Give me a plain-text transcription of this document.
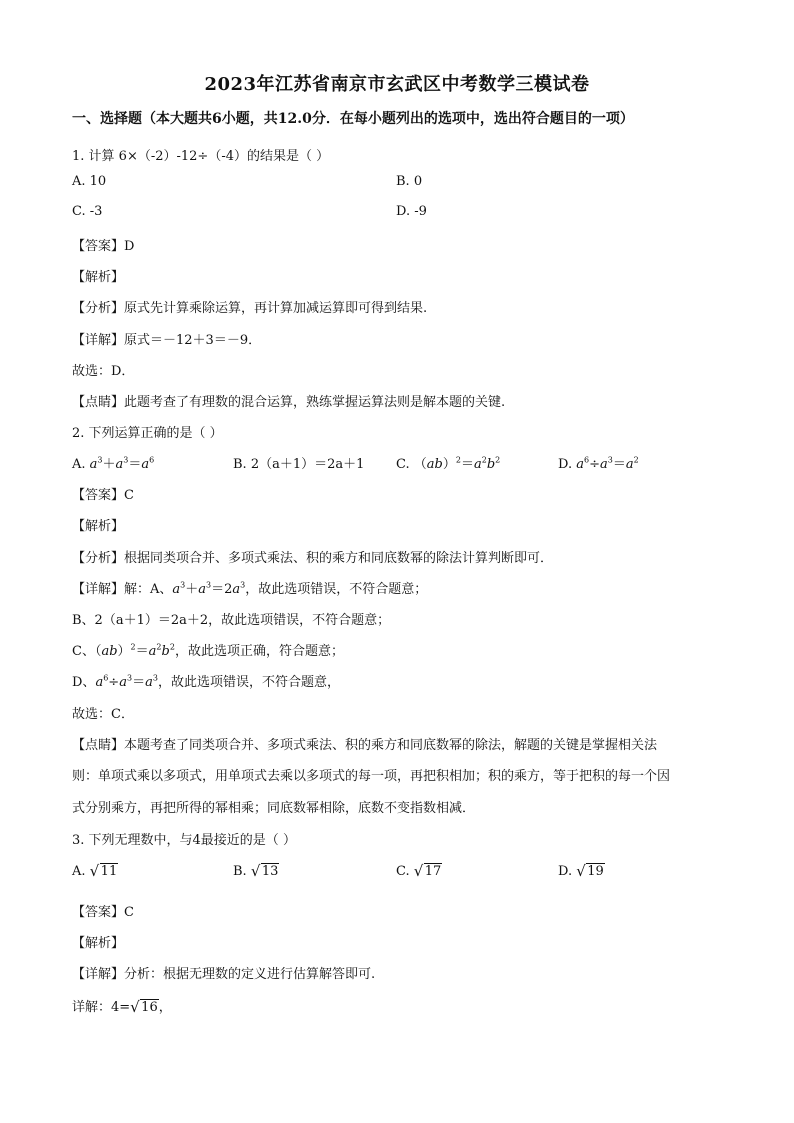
2023年江苏省南京市玄武区中考数学三模试卷
一、选择题（本大题共6小题，共12.0分．在每小题列出的选项中，选出符合题目的一项）
1. 计算 6×（-2）-12÷（-4）的结果是（ ）
A. 10	B. 0
C. -3	D. -9
【答案】D
【解析】
【分析】原式先计算乘除运算，再计算加减运算即可得到结果.
【详解】原式＝－12＋3＝－9．
故选：D．
【点睛】此题考查了有理数的混合运算，熟练掌握运算法则是解本题的关键.
2. 下列运算正确的是（ ）
A. $a^3+a^3=a^6$	B. 2（a＋1）＝2a＋1 C. $(ab)^2=a^2b^2$	D. $a^6\div a^3=a^2$
【答案】C
【解析】
【分析】根据同类项合并、多项式乘法、积的乘方和同底数幂的除法计算判断即可．
【详解】解：A、$a^3+a^3=2a^3$，故此选项错误，不符合题意；
B、2（a＋1）＝2a＋2，故此选项错误，不符合题意；
C、$(ab)^2=a^2b^2$，故此选项正确，符合题意；
D、$a^6\div a^3=a^3$，故此选项错误，不符合题意，
故选：C．
【点睛】本题考查了同类项合并、多项式乘法、积的乘方和同底数幂的除法，解题的关键是掌握相关法
则：单项式乘以多项式，用单项式去乘以多项式的每一项，再把积相加；积的乘方，等于把积的每一个因
式分别乘方，再把所得的幂相乘；同底数幂相除，底数不变指数相减．
3. 下列无理数中，与4最接近的是（ ）
A. √ 11	B. √ 13	C. √ 17	D. √ 19
【答案】C
【解析】
【详解】分析：根据无理数的定义进行估算解答即可.
详解：4= √ 16，
